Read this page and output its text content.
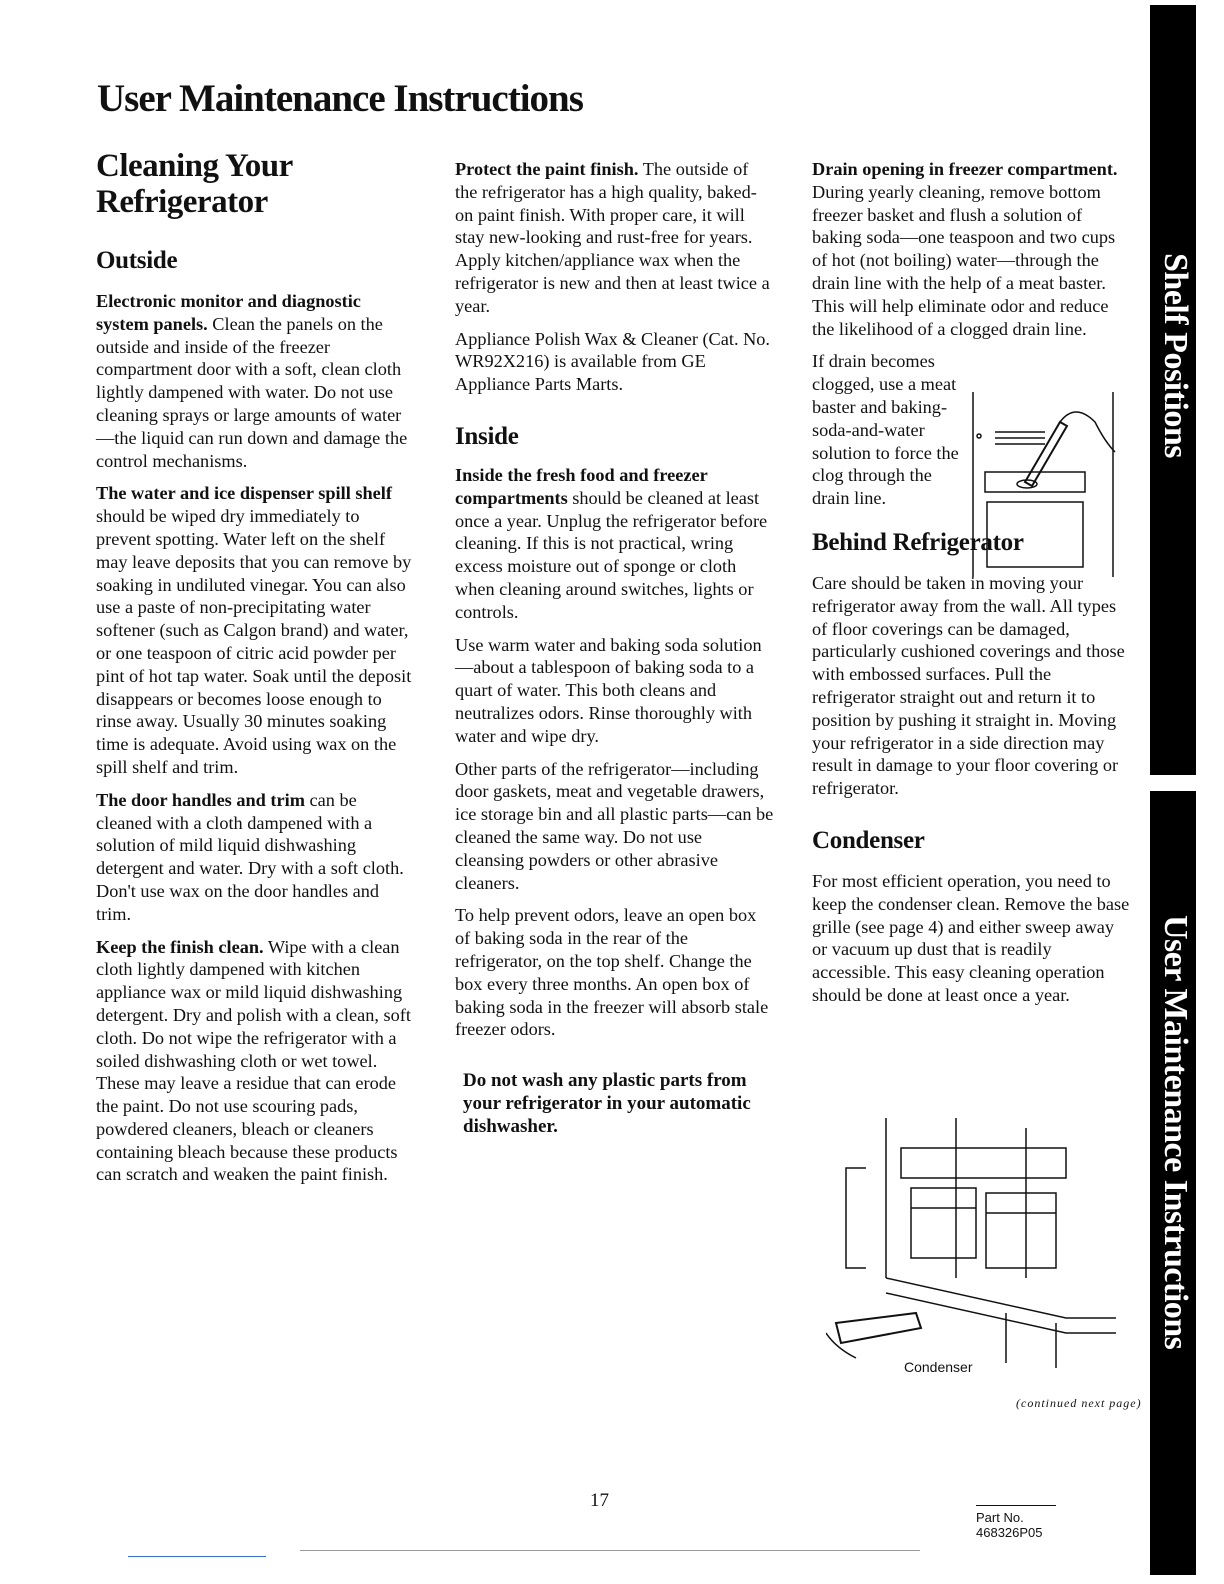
User Maintenance Instructions
Cleaning Your
Refrigerator
Outside

Electronic monitor and diagnostic system panels. Clean the panels on the outside and inside of the freezer compartment door with a soft, clean cloth lightly dampened with water. Do not use cleaning sprays or large amounts of water—the liquid can run down and damage the control mechanisms.

The water and ice dispenser spill shelf should be wiped dry immediately to prevent spotting. Water left on the shelf may leave deposits that you can remove by soaking in undiluted vinegar. You can also use a paste of non-precipitating water softener (such as Calgon brand) and water, or one teaspoon of citric acid powder per pint of hot tap water. Soak until the deposit disappears or becomes loose enough to rinse away. Usually 30 minutes soaking time is adequate. Avoid using wax on the spill shelf and trim.

The door handles and trim can be cleaned with a cloth dampened with a solution of mild liquid dishwashing detergent and water. Dry with a soft cloth. Don't use wax on the door handles and trim.

Keep the finish clean. Wipe with a clean cloth lightly dampened with kitchen appliance wax or mild liquid dishwashing detergent. Dry and polish with a clean, soft cloth. Do not wipe the refrigerator with a soiled dishwashing cloth or wet towel. These may leave a residue that can erode the paint. Do not use scouring pads, powdered cleaners, bleach or cleaners containing bleach because these products can scratch and weaken the paint finish.

Protect the paint finish. The outside of the refrigerator has a high quality, baked-on paint finish. With proper care, it will stay new-looking and rust-free for years. Apply kitchen/appliance wax when the refrigerator is new and then at least twice a year.

Appliance Polish Wax & Cleaner (Cat. No. WR92X216) is available from GE Appliance Parts Marts.

Inside

Inside the fresh food and freezer compartments should be cleaned at least once a year. Unplug the refrigerator before cleaning. If this is not practical, wring excess moisture out of sponge or cloth when cleaning around switches, lights or controls.

Use warm water and baking soda solution—about a tablespoon of baking soda to a quart of water. This both cleans and neutralizes odors. Rinse thoroughly with water and wipe dry.

Other parts of the refrigerator—including door gaskets, meat and vegetable drawers, ice storage bin and all plastic parts—can be cleaned the same way. Do not use cleansing powders or other abrasive cleaners.

To help prevent odors, leave an open box of baking soda in the rear of the refrigerator, on the top shelf. Change the box every three months. An open box of baking soda in the freezer will absorb stale freezer odors.

Do not wash any plastic parts from your refrigerator in your automatic dishwasher.

Drain opening in freezer compartment. During yearly cleaning, remove bottom freezer basket and flush a solution of baking soda—one teaspoon and two cups of hot (not boiling) water—through the drain line with the help of a meat baster. This will help eliminate odor and reduce the likelihood of a clogged drain line.

If drain becomes clogged, use a meat baster and baking-soda-and-water solution to force the clog through the drain line.

Behind Refrigerator

Care should be taken in moving your refrigerator away from the wall. All types of floor coverings can be damaged, particularly cushioned coverings and those with embossed surfaces. Pull the refrigerator straight out and return it to position by pushing it straight in. Moving your refrigerator in a side direction may result in damage to your floor covering or refrigerator.

Condenser

For most efficient operation, you need to keep the condenser clean. Remove the base grille (see page 4) and either sweep away or vacuum up dust that is readily accessible. This easy cleaning operation should be done at least once a year.

Condenser
(continued next page)
Shelf Positions
User Maintenance Instructions
17
Part No. 468326P05
